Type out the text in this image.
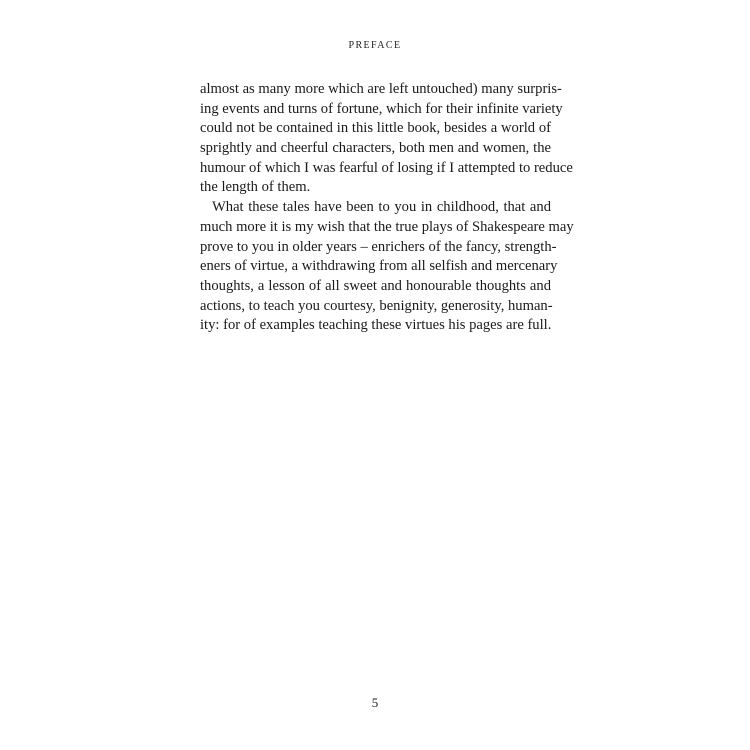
PREFACE
almost as many more which are left untouched) many surpris-
ing events and turns of fortune, which for their infinite variety
could not be contained in this little book, besides a world of
sprightly and cheerful characters, both men and women, the
humour of which I was fearful of losing if I attempted to reduce
the length of them.
What these tales have been to you in childhood, that and
much more it is my wish that the true plays of Shakespeare may
prove to you in older years – enrichers of the fancy, strength-
eners of virtue, a withdrawing from all selfish and mercenary
thoughts, a lesson of all sweet and honourable thoughts and
actions, to teach you courtesy, benignity, generosity, human-
ity: for of examples teaching these virtues his pages are full.
5
